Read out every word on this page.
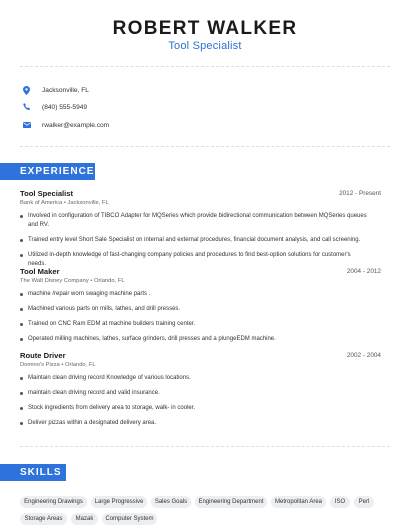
ROBERT WALKER
Tool Specialist
Jacksonville, FL
(840) 555-5949
rwalker@example.com
EXPERIENCE
Tool Specialist	2012 - Present
Bank of America • Jacksonville, FL
Involved in configuration of TIBCO Adapter for MQSeries which provide bidirectional communication between MQSeries queues and RV.
Trained entry level Short Sale Specialist on internal and external procedures, financial document analysis, and call screening.
Utilized in-depth knowledge of fast-changing company policies and procedures to find best-option solutions for customer's needs.
Tool Maker	2004 - 2012
The Walt Disney Company • Orlando, FL
machine /repair worn swaging machine parts .
Machined various parts on mills, lathes, and drill presses.
Trained on CNC Ram EDM at machine builders training center.
Operated milling machines, lathes, surface grinders, drill presses and a plungeEDM machine.
Route Driver	2002 - 2004
Domino's Pizza • Orlando, FL
Maintain clean driving record Knowledge of various locations.
maintain clean driving record and valid insurance.
Stock ingredients from delivery area to storage, walk- in cooler.
Deliver pizzas within a designated delivery area.
SKILLS
Engineering Drawings	Large Progressive	Sales Goals	Engineering Department	Metropolitan Area	ISO	Perl
Storage Areas	Mazak	Computer System
